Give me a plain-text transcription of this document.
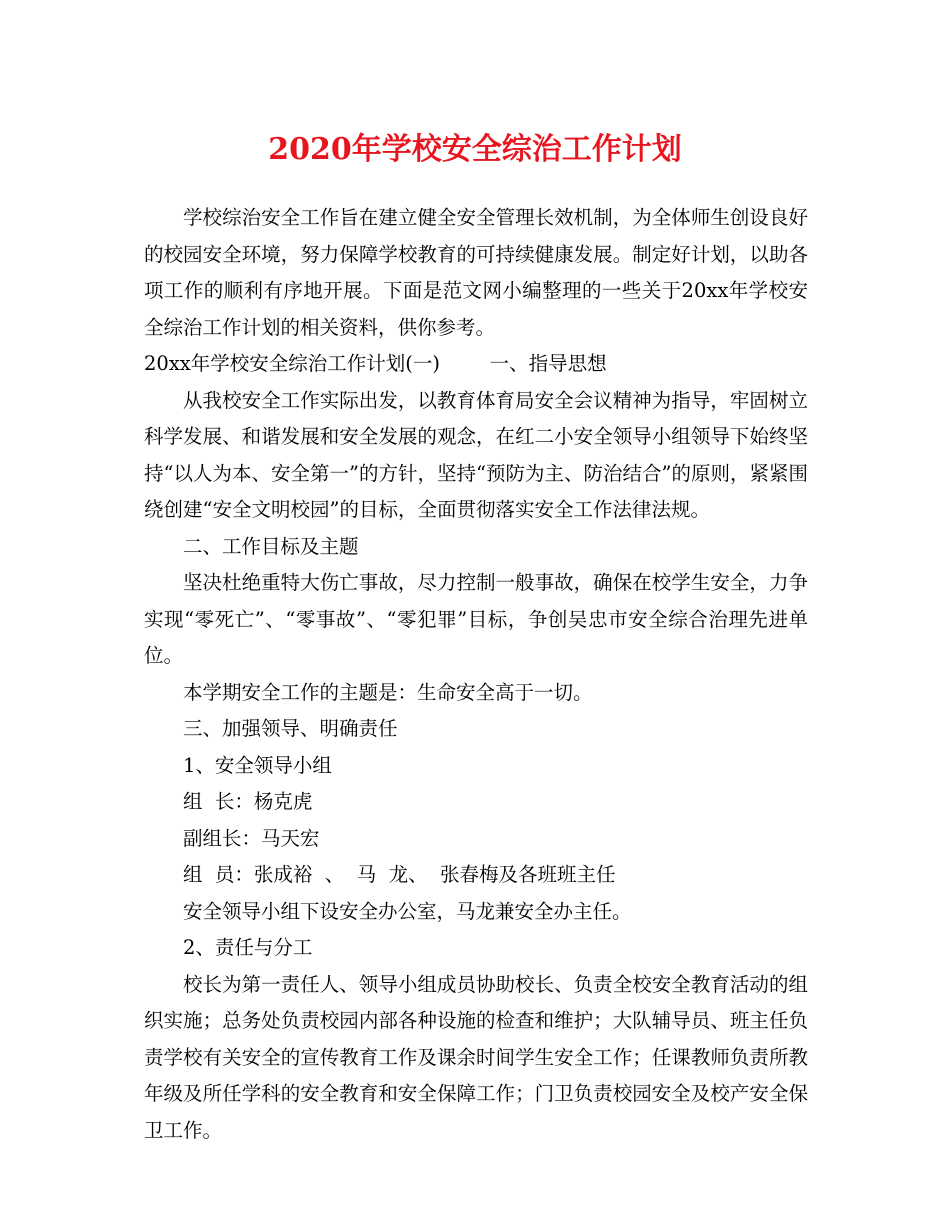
2020年学校安全综治工作计划

学校综治安全工作旨在建立健全安全管理长效机制，为全体师生创设良好的校园安全环境，努力保障学校教育的可持续健康发展。制定好计划，以助各项工作的顺利有序地开展。下面是范文网小编整理的一些关于20xx年学校安全综治工作计划的相关资料，供你参考。

20xx年学校安全综治工作计划(一)        一、指导思想

从我校安全工作实际出发，以教育体育局安全会议精神为指导，牢固树立科学发展、和谐发展和安全发展的观念，在红二小安全领导小组领导下始终坚持“以人为本、安全第一”的方针，坚持“预防为主、防治结合”的原则，紧紧围绕创建“安全文明校园”的目标，全面贯彻落实安全工作法律法规。

二、工作目标及主题

坚决杜绝重特大伤亡事故，尽力控制一般事故，确保在校学生安全，力争实现“零死亡”、“零事故”、“零犯罪”目标，争创吴忠市安全综合治理先进单位。

本学期安全工作的主题是：生命安全高于一切。

三、加强领导、明确责任

1、安全领导小组

组  长：杨克虎

副组长：马天宏

组  员：张成裕  、  马  龙、  张春梅及各班班主任

安全领导小组下设安全办公室，马龙兼安全办主任。

2、责任与分工

校长为第一责任人、领导小组成员协助校长、负责全校安全教育活动的组织实施；总务处负责校园内部各种设施的检查和维护；大队辅导员、班主任负责学校有关安全的宣传教育工作及课余时间学生安全工作；任课教师负责所教年级及所任学科的安全教育和安全保障工作；门卫负责校园安全及校产安全保卫工作。
